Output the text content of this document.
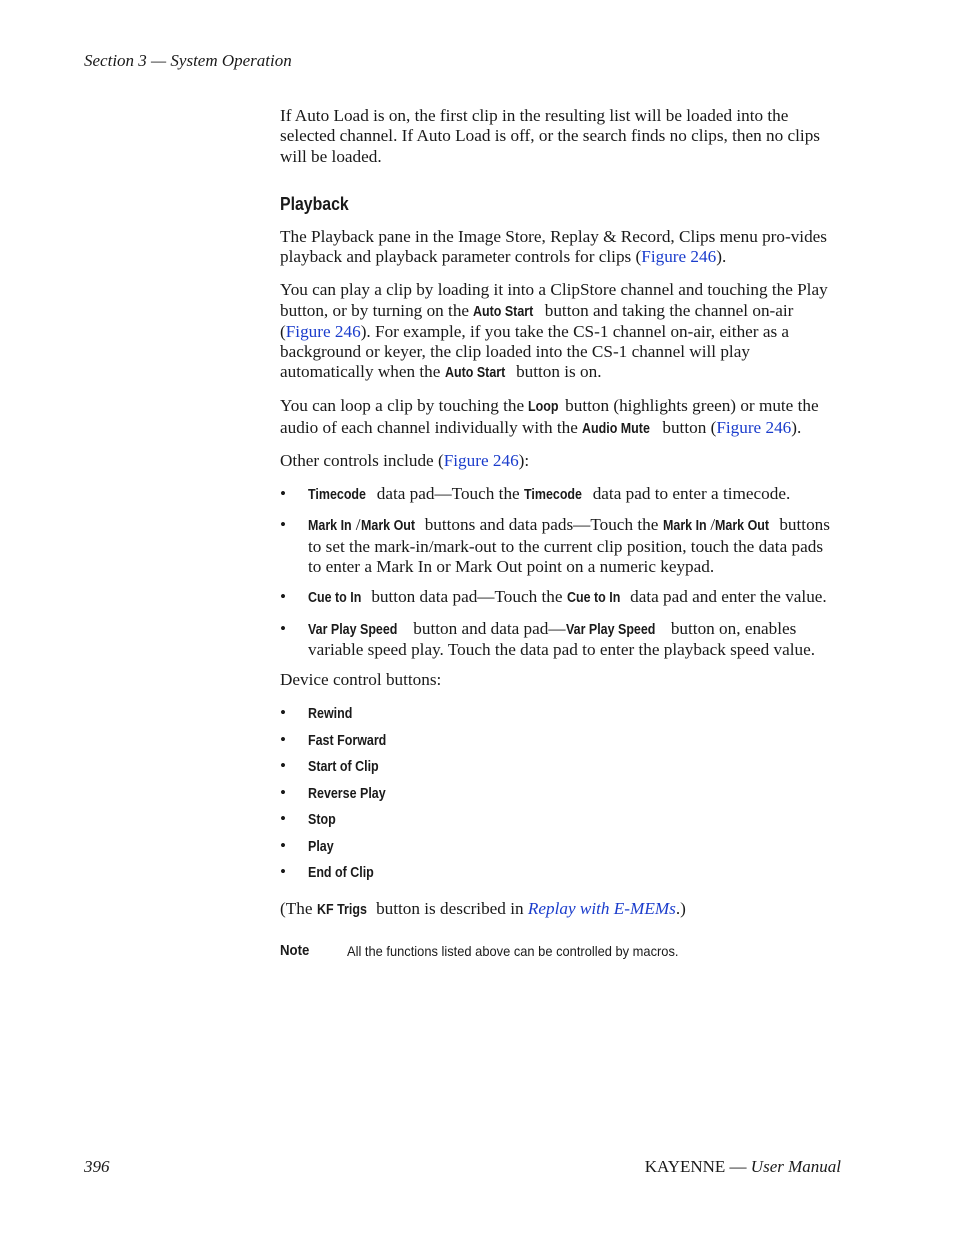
Section 3 — System Operation

If Auto Load is on, the first clip in the resulting list will be loaded into the selected channel. If Auto Load is off, or the search finds no clips, then no clips will be loaded.

Playback

The Playback pane in the Image Store, Replay & Record, Clips menu pro-vides playback and playback parameter controls for clips (Figure 246).

You can play a clip by loading it into a ClipStore channel and touching the Play button, or by turning on the Auto Start button and taking the channel on-air (Figure 246). For example, if you take the CS-1 channel on-air, either as a background or keyer, the clip loaded into the CS-1 channel will play automatically when the Auto Start button is on.

You can loop a clip by touching the Loop button (highlights green) or mute the audio of each channel individually with the Audio Mute button (Figure 246).

Other controls include (Figure 246):

• Timecode data pad—Touch the Timecode data pad to enter a timecode.
• Mark In /Mark Out buttons and data pads—Touch the Mark In /Mark Out buttons to set the mark-in/mark-out to the current clip position, touch the data pads to enter a Mark In or Mark Out point on a numeric keypad.
• Cue to In button data pad—Touch the Cue to In data pad and enter the value.
• Var Play Speed button and data pad—Var Play Speed button on, enables variable speed play. Touch the data pad to enter the playback speed value.

Device control buttons:

• Rewind
• Fast Forward
• Start of Clip
• Reverse Play
• Stop
• Play
• End of Clip

(The KF Trigs button is described in Replay with E-MEMs.)

Note	All the functions listed above can be controlled by macros.
396	KAYENNE — User Manual
